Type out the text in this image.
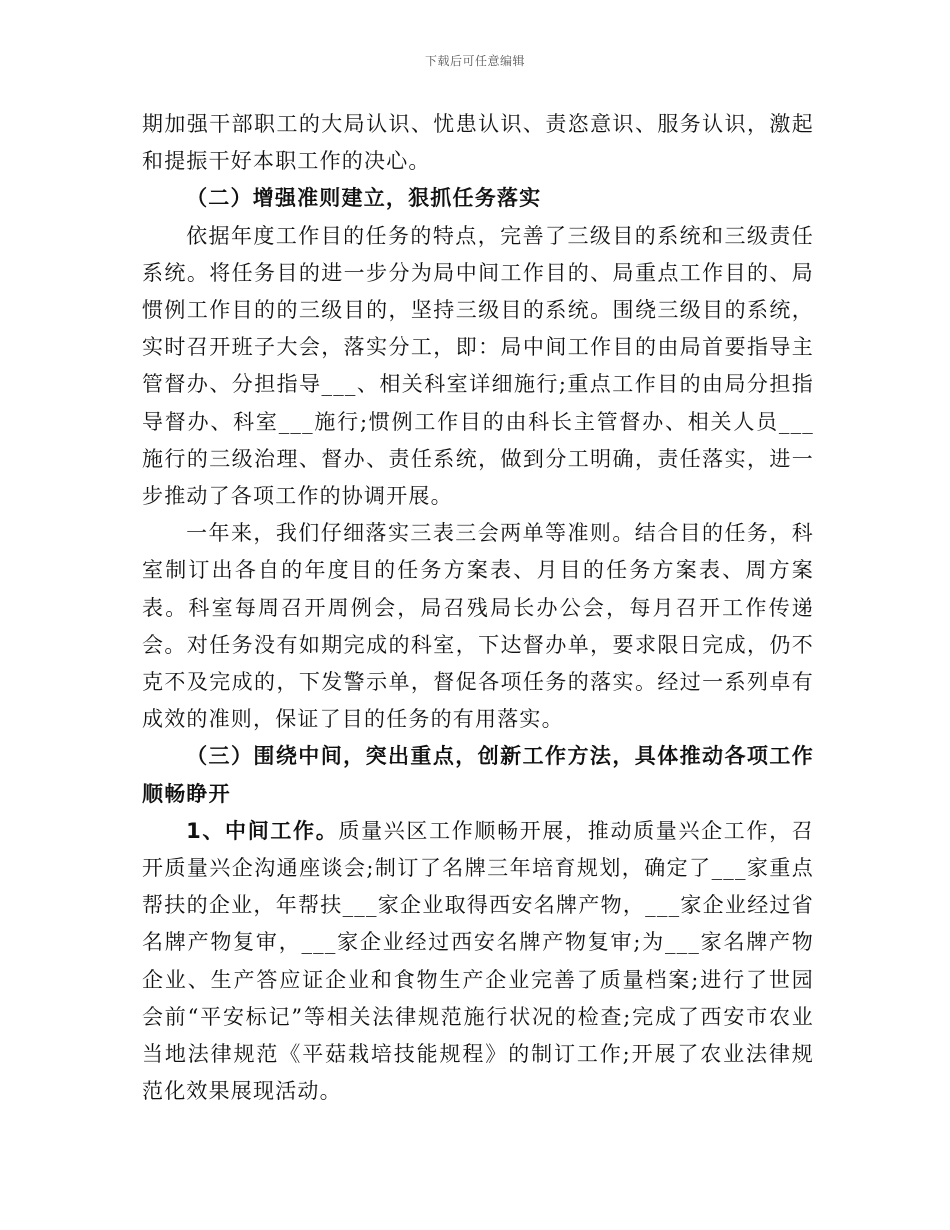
下载后可任意编辑

期加强干部职工的大局认识、忧患认识、责恣意识、服务认识，激起和提振干好本职工作的决心。

（二）增强准则建立，狠抓任务落实

依据年度工作目的任务的特点，完善了三级目的系统和三级责任系统。将任务目的进一步分为局中间工作目的、局重点工作目的、局惯例工作目的的三级目的，坚持三级目的系统。围绕三级目的系统，实时召开班子大会，落实分工，即：局中间工作目的由局首要指导主管督办、分担指导___、相关科室详细施行;重点工作目的由局分担指导督办、科室___施行;惯例工作目的由科长主管督办、相关人员___施行的三级治理、督办、责任系统，做到分工明确，责任落实，进一步推动了各项工作的协调开展。

一年来，我们仔细落实三表三会两单等准则。结合目的任务，科室制订出各自的年度目的任务方案表、月目的任务方案表、周方案表。科室每周召开周例会，局召残局长办公会，每月召开工作传递会。对任务没有如期完成的科室，下达督办单，要求限日完成，仍不克不及完成的，下发警示单，督促各项任务的落实。经过一系列卓有成效的准则，保证了目的任务的有用落实。

（三）围绕中间，突出重点，创新工作方法，具体推动各项工作顺畅睁开

1、中间工作。质量兴区工作顺畅开展，推动质量兴企工作，召开质量兴企沟通座谈会;制订了名牌三年培育规划，确定了___家重点帮扶的企业，年帮扶___家企业取得西安名牌产物，___家企业经过省名牌产物复审，___家企业经过西安名牌产物复审;为___家名牌产物企业、生产答应证企业和食物生产企业完善了质量档案;进行了世园会前“平安标记”等相关法律规范施行状况的检查;完成了西安市农业当地法律规范《平菇栽培技能规程》的制订工作;开展了农业法律规范化效果展现活动。
